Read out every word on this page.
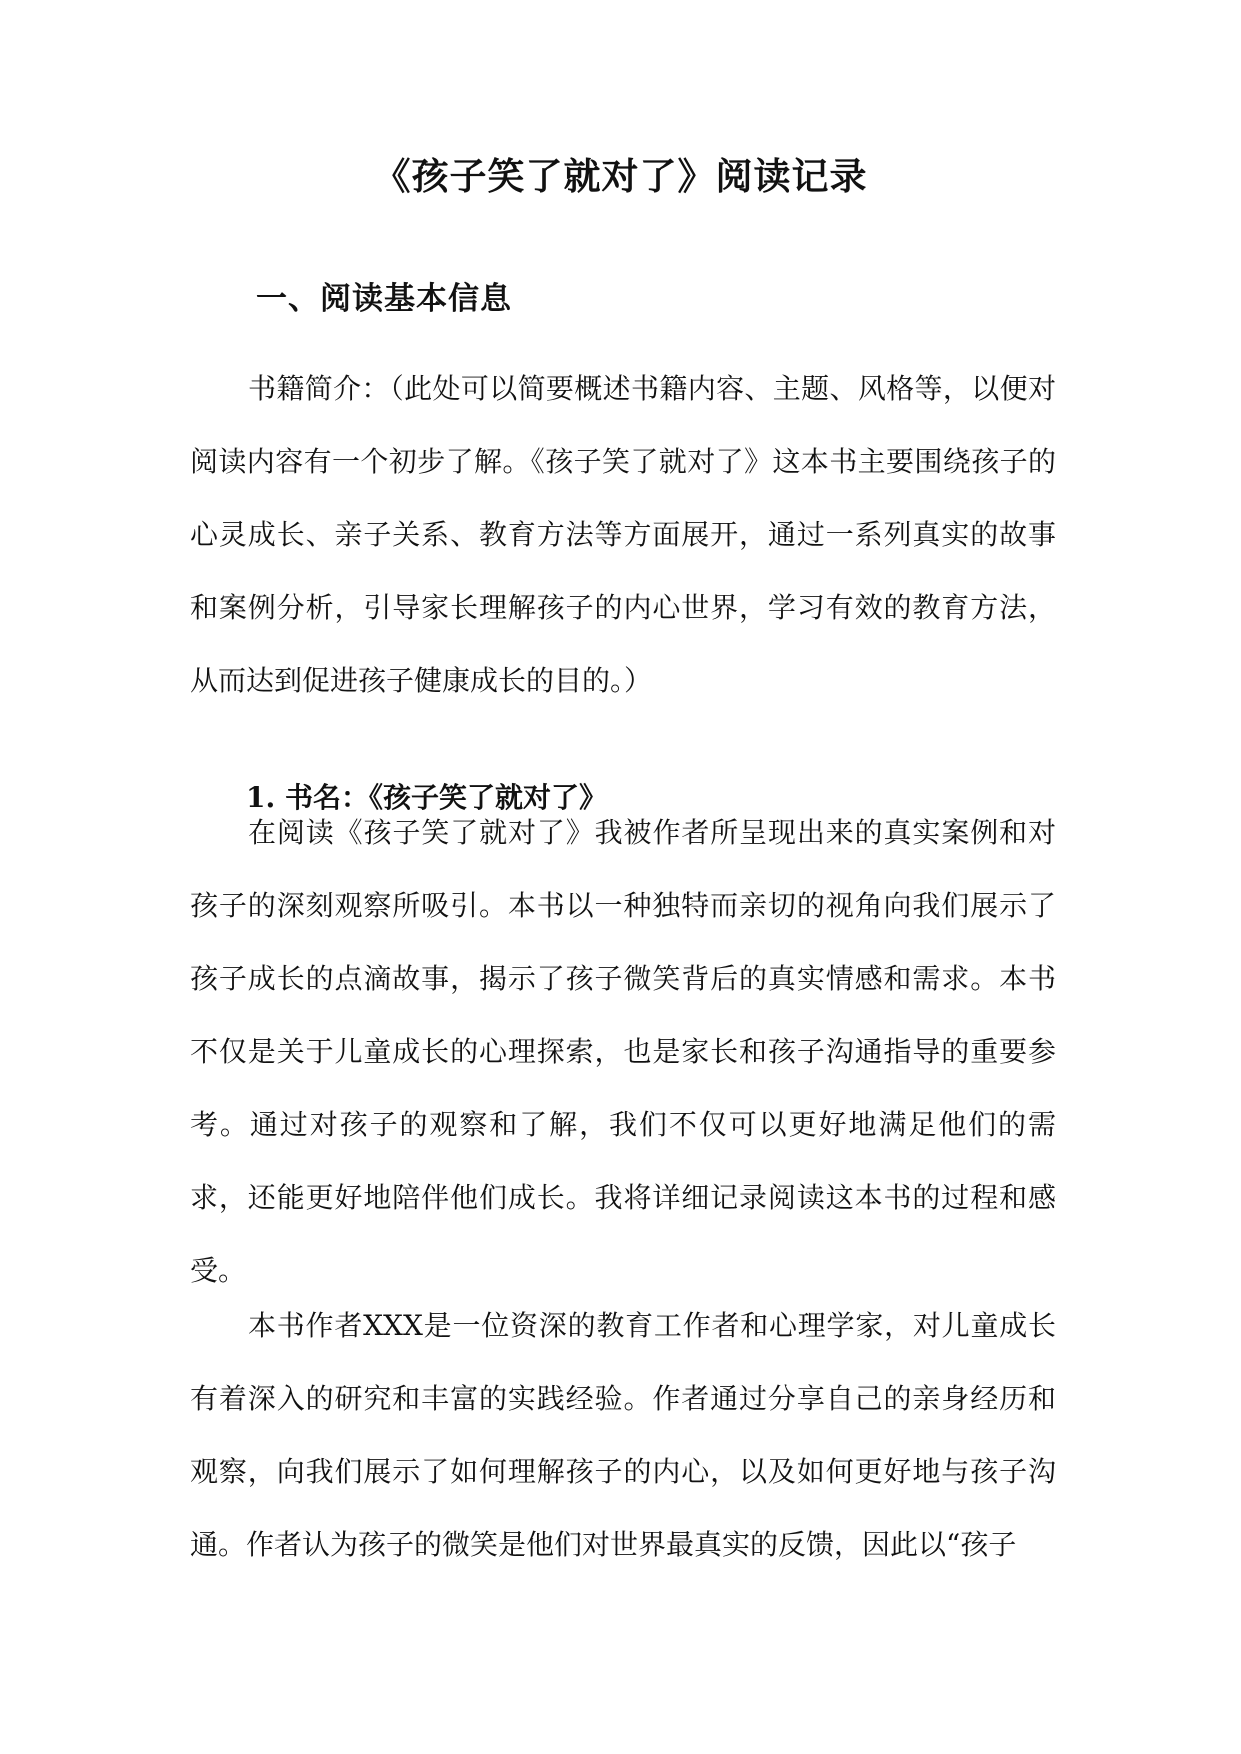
《孩子笑了就对了》阅读记录
一、阅读基本信息

书籍简介：（此处可以简要概述书籍内容、主题、风格等，以便对阅读内容有一个初步了解。《孩子笑了就对了》这本书主要围绕孩子的心灵成长、亲子关系、教育方法等方面展开，通过一系列真实的故事和案例分析，引导家长理解孩子的内心世界，学习有效的教育方法，从而达到促进孩子健康成长的目的。）

1. 书名：《孩子笑了就对了》

在阅读《孩子笑了就对了》我被作者所呈现出来的真实案例和对孩子的深刻观察所吸引。本书以一种独特而亲切的视角向我们展示了孩子成长的点滴故事，揭示了孩子微笑背后的真实情感和需求。本书不仅是关于儿童成长的心理探索，也是家长和孩子沟通指导的重要参考。通过对孩子的观察和了解，我们不仅可以更好地满足他们的需求，还能更好地陪伴他们成长。我将详细记录阅读这本书的过程和感受。

本书作者XXX是一位资深的教育工作者和心理学家，对儿童成长有着深入的研究和丰富的实践经验。作者通过分享自己的亲身经历和观察，向我们展示了如何理解孩子的内心，以及如何更好地与孩子沟通。作者认为孩子的微笑是他们对世界最真实的反馈，因此以“孩子
